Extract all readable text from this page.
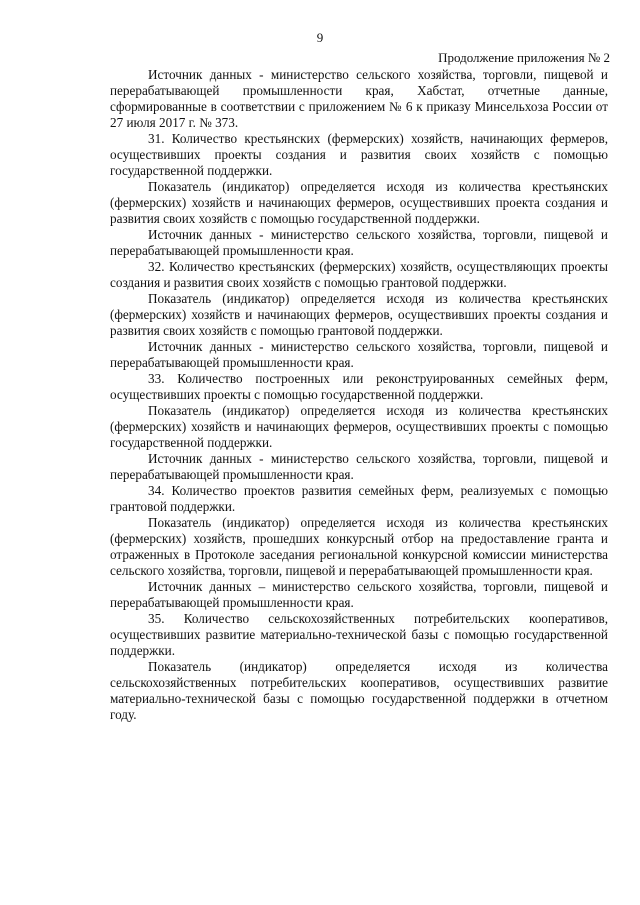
9
Продолжение приложения № 2

Источник данных - министерство сельского хозяйства, торговли, пищевой и перерабатывающей промышленности края, Хабстат, отчетные данные, сформированные в соответствии с приложением № 6 к приказу Минсельхоза России от 27 июля 2017 г. № 373.

31. Количество крестьянских (фермерских) хозяйств, начинающих фермеров, осуществивших проекты создания и развития своих хозяйств с помощью государственной поддержки.

Показатель (индикатор) определяется исходя из количества крестьянских (фермерских) хозяйств и начинающих фермеров, осуществивших проекта создания и развития своих хозяйств с помощью государственной поддержки.

Источник данных - министерство сельского хозяйства, торговли, пищевой и перерабатывающей промышленности края.

32. Количество крестьянских (фермерских) хозяйств, осуществляющих проекты создания и развития своих хозяйств с помощью грантовой поддержки.

Показатель (индикатор) определяется исходя из количества крестьянских (фермерских) хозяйств и начинающих фермеров, осуществивших проекты создания и развития своих хозяйств с помощью грантовой поддержки.

Источник данных - министерство сельского хозяйства, торговли, пищевой и перерабатывающей промышленности края.

33. Количество построенных или реконструированных семейных ферм, осуществивших проекты с помощью государственной поддержки.

Показатель (индикатор) определяется исходя из количества крестьянских (фермерских) хозяйств и начинающих фермеров, осуществивших проекты с помощью государственной поддержки.

Источник данных - министерство сельского хозяйства, торговли, пищевой и перерабатывающей промышленности края.

34. Количество проектов развития семейных ферм, реализуемых с помощью грантовой поддержки.

Показатель (индикатор) определяется исходя из количества крестьянских (фермерских) хозяйств, прошедших конкурсный отбор на предоставление гранта и отраженных в Протоколе заседания региональной конкурсной комиссии министерства сельского хозяйства, торговли, пищевой и перерабатывающей промышленности края.

Источник данных – министерство сельского хозяйства, торговли, пищевой и перерабатывающей промышленности края.

35. Количество сельскохозяйственных потребительских кооперативов, осуществивших развитие материально-технической базы с помощью государственной поддержки.

Показатель (индикатор) определяется исходя из количества сельскохозяйственных потребительских кооперативов, осуществивших развитие материально-технической базы с помощью государственной поддержки в отчетном году.
